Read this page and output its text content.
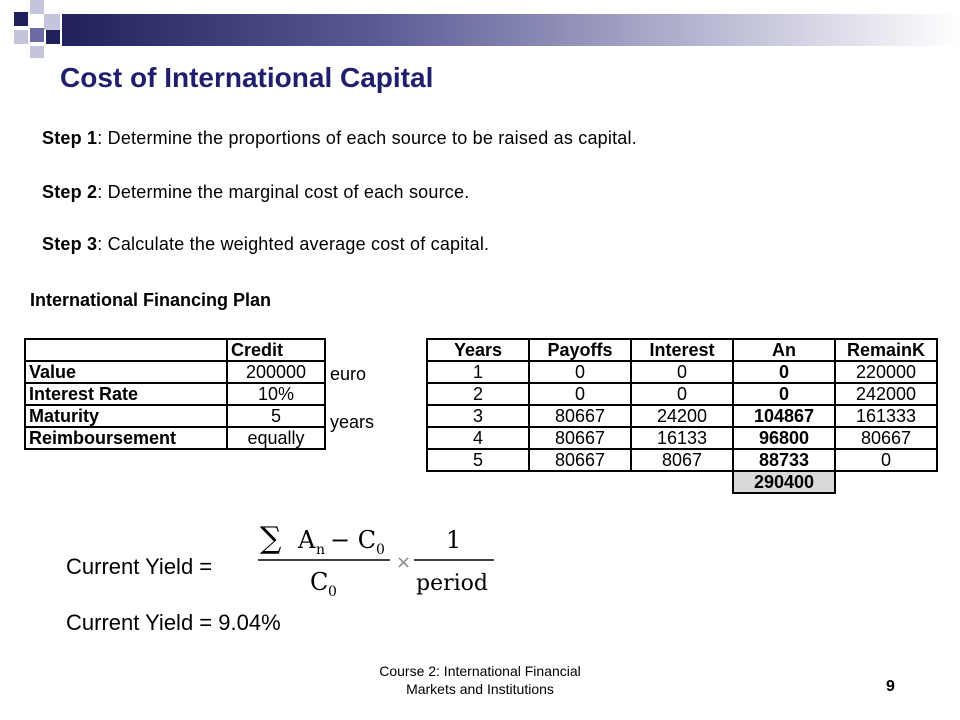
Cost of International Capital
Step 1: Determine the proportions of each source to be raised as capital.
Step 2: Determine the marginal cost of each source.
Step 3: Calculate the weighted average cost of capital.
International Financing Plan
	Credit
Value	200000
Interest Rate	10%
Maturity	5
Reimboursement	equally
euro
years
Years	Payoffs	Interest	An	RemainK
1	0	0	0	220000
2	0	0	0	242000
3	80667	24200	104867	161333
4	80667	16133	96800	80667
5	80667	8067	88733	0
			290400	
Current Yield =
∑ A n − C 0
C 0
×
1
period
Current Yield = 9.04%
Course 2: International Financial
Markets and Institutions	9
